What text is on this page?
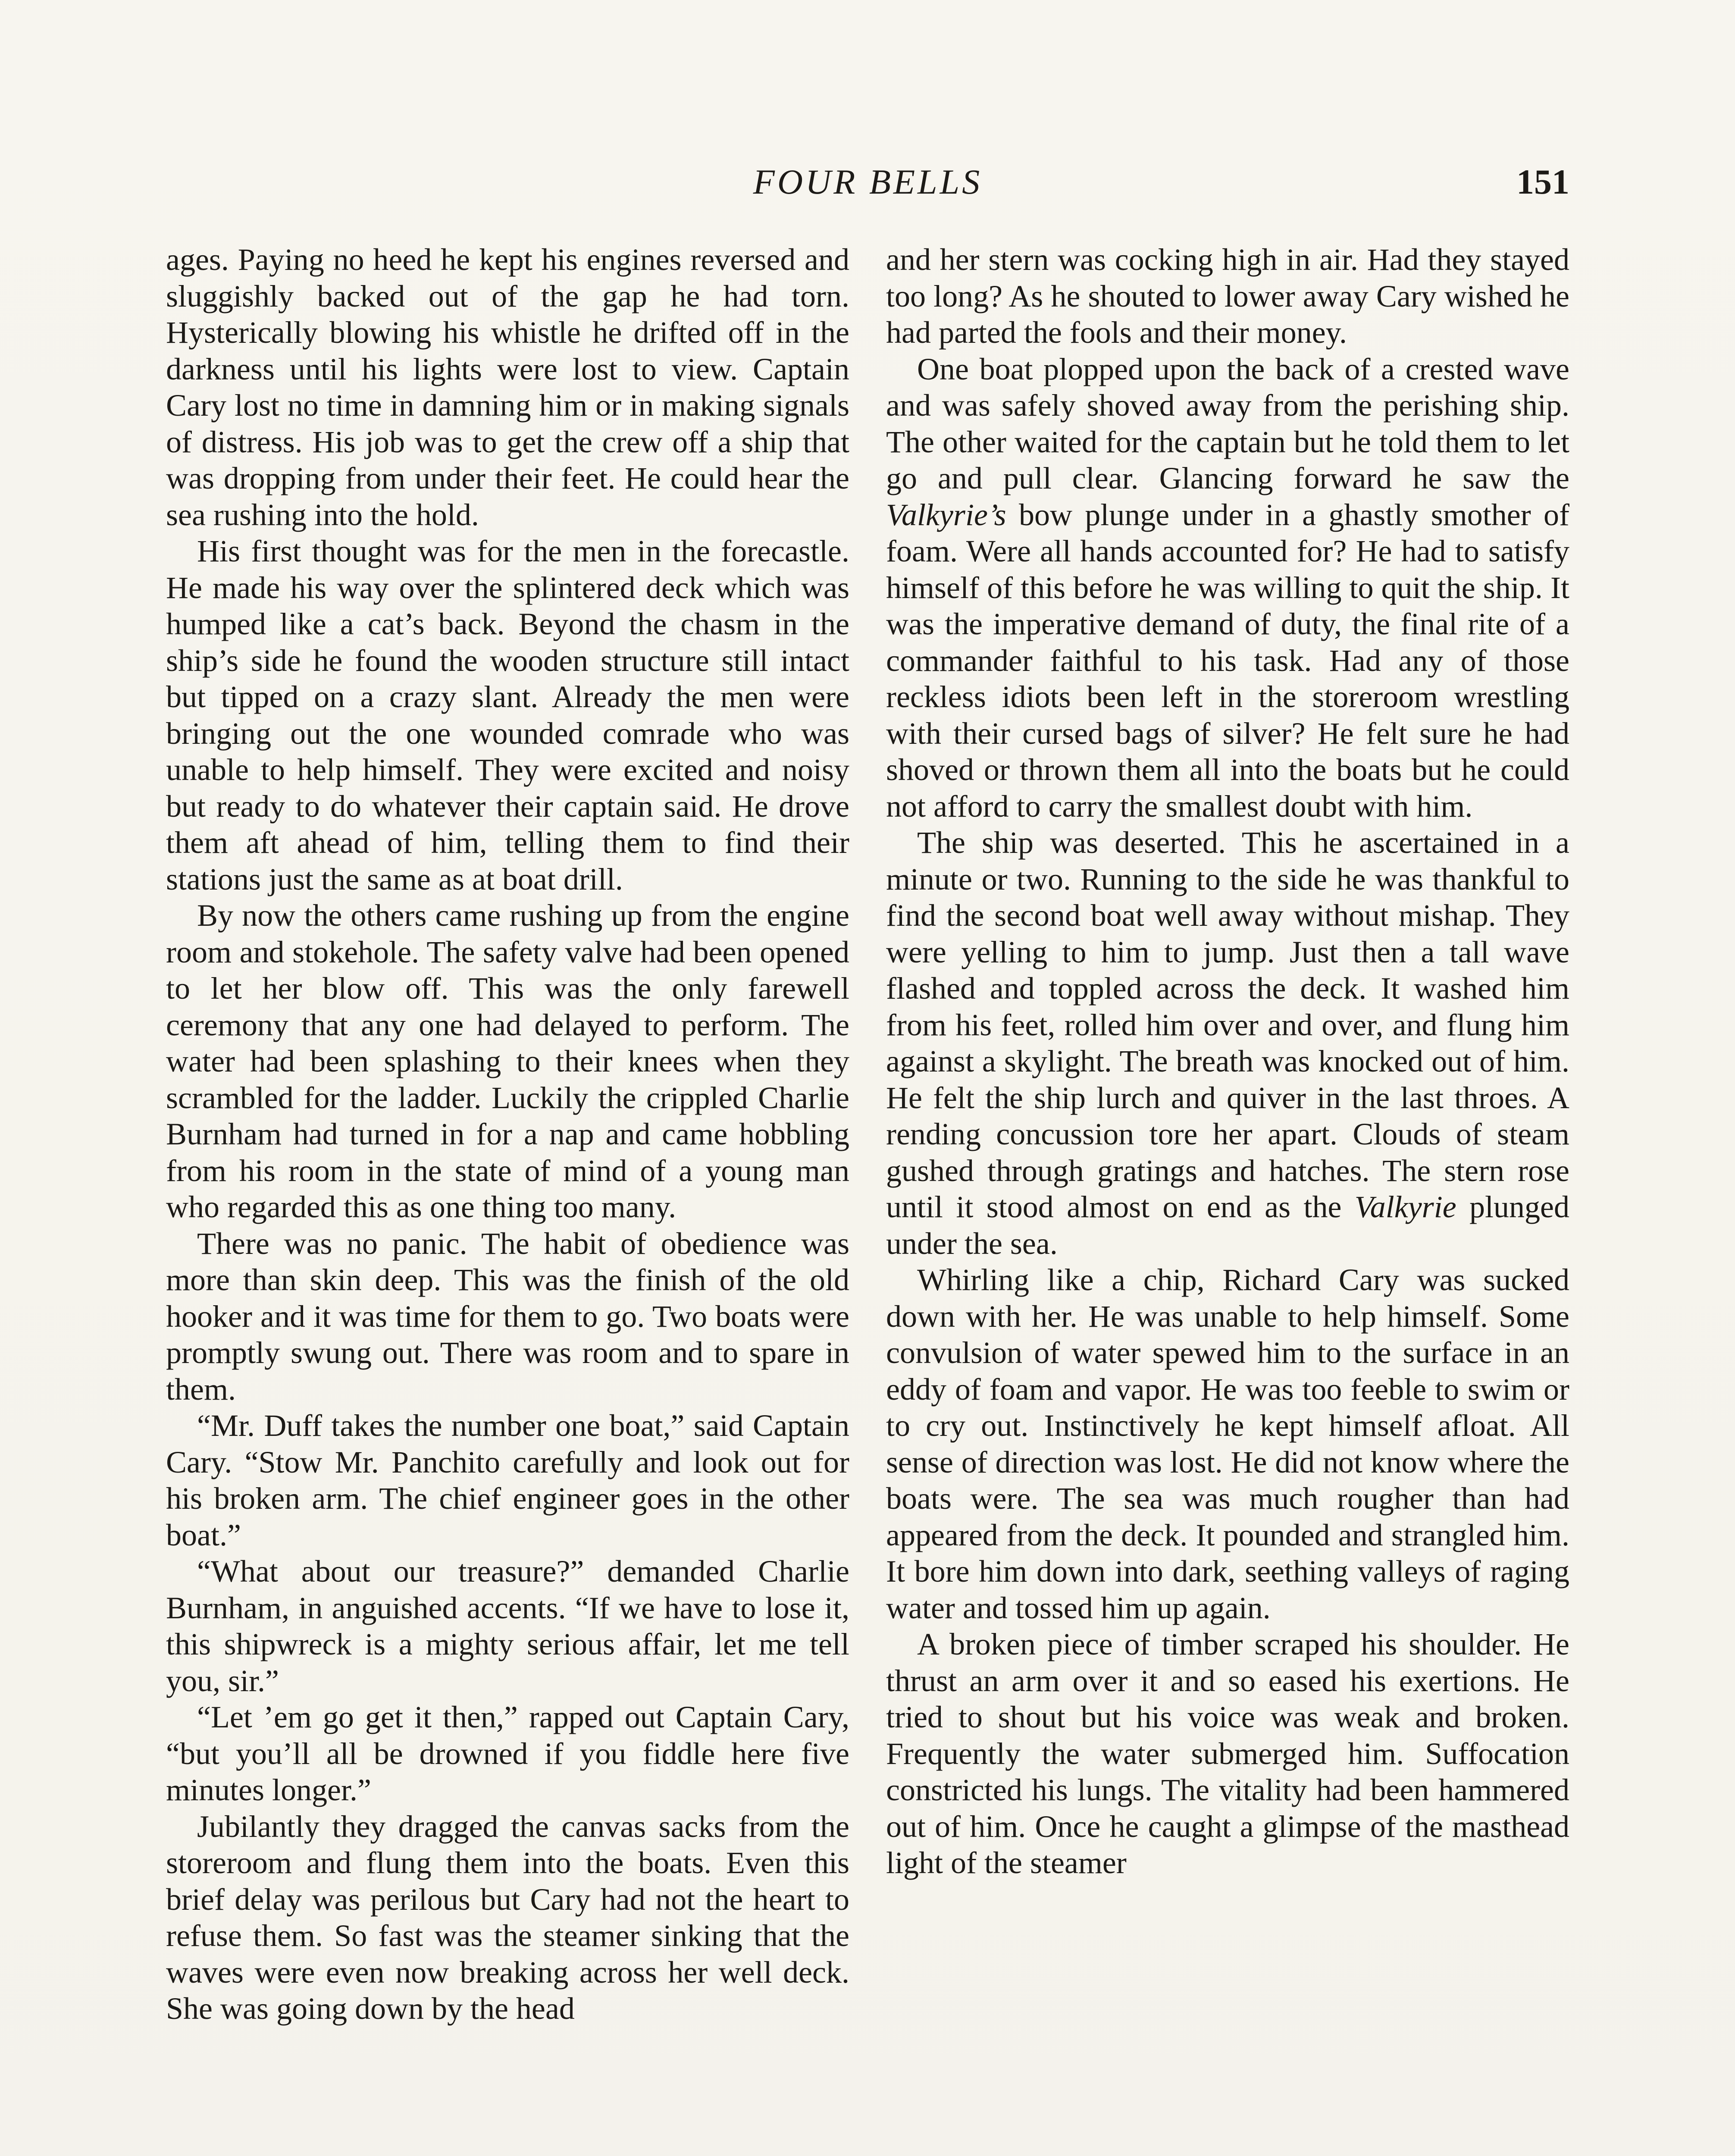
FOUR BELLS	151

ages. Paying no heed he kept his engines reversed and sluggishly backed out of the gap he had torn. Hysterically blowing his whistle he drifted off in the darkness until his lights were lost to view. Captain Cary lost no time in damning him or in making signals of distress. His job was to get the crew off a ship that was dropping from under their feet. He could hear the sea rushing into the hold.

His first thought was for the men in the forecastle. He made his way over the splintered deck which was humped like a cat’s back. Beyond the chasm in the ship’s side he found the wooden structure still intact but tipped on a crazy slant. Already the men were bringing out the one wounded comrade who was unable to help himself. They were excited and noisy but ready to do whatever their captain said. He drove them aft ahead of him, telling them to find their stations just the same as at boat drill.

By now the others came rushing up from the engine room and stokehole. The safety valve had been opened to let her blow off. This was the only farewell ceremony that any one had delayed to perform. The water had been splashing to their knees when they scrambled for the ladder. Luckily the crippled Charlie Burnham had turned in for a nap and came hobbling from his room in the state of mind of a young man who regarded this as one thing too many.

There was no panic. The habit of obedience was more than skin deep. This was the finish of the old hooker and it was time for them to go. Two boats were promptly swung out. There was room and to spare in them.

“Mr. Duff takes the number one boat,” said Captain Cary. “Stow Mr. Panchito carefully and look out for his broken arm. The chief engineer goes in the other boat.”

“What about our treasure?” demanded Charlie Burnham, in anguished accents. “If we have to lose it, this shipwreck is a mighty serious affair, let me tell you, sir.”

“Let ’em go get it then,” rapped out Captain Cary, “but you’ll all be drowned if you fiddle here five minutes longer.”

Jubilantly they dragged the canvas sacks from the storeroom and flung them into the boats. Even this brief delay was perilous but Cary had not the heart to refuse them. So fast was the steamer sinking that the waves were even now breaking across her well deck. She was going down by the head

and her stern was cocking high in air. Had they stayed too long? As he shouted to lower away Cary wished he had parted the fools and their money.

One boat plopped upon the back of a crested wave and was safely shoved away from the perishing ship. The other waited for the captain but he told them to let go and pull clear. Glancing forward he saw the Valkyrie’s bow plunge under in a ghastly smother of foam. Were all hands accounted for? He had to satisfy himself of this before he was willing to quit the ship. It was the imperative demand of duty, the final rite of a commander faithful to his task. Had any of those reckless idiots been left in the storeroom wrestling with their cursed bags of silver? He felt sure he had shoved or thrown them all into the boats but he could not afford to carry the smallest doubt with him.

The ship was deserted. This he ascertained in a minute or two. Running to the side he was thankful to find the second boat well away without mishap. They were yelling to him to jump. Just then a tall wave flashed and toppled across the deck. It washed him from his feet, rolled him over and over, and flung him against a skylight. The breath was knocked out of him. He felt the ship lurch and quiver in the last throes. A rending concussion tore her apart. Clouds of steam gushed through gratings and hatches. The stern rose until it stood almost on end as the Valkyrie plunged under the sea.

Whirling like a chip, Richard Cary was sucked down with her. He was unable to help himself. Some convulsion of water spewed him to the surface in an eddy of foam and vapor. He was too feeble to swim or to cry out. Instinctively he kept himself afloat. All sense of direction was lost. He did not know where the boats were. The sea was much rougher than had appeared from the deck. It pounded and strangled him. It bore him down into dark, seething valleys of raging water and tossed him up again.

A broken piece of timber scraped his shoulder. He thrust an arm over it and so eased his exertions. He tried to shout but his voice was weak and broken. Frequently the water submerged him. Suffocation constricted his lungs. The vitality had been hammered out of him. Once he caught a glimpse of the masthead light of the steamer
